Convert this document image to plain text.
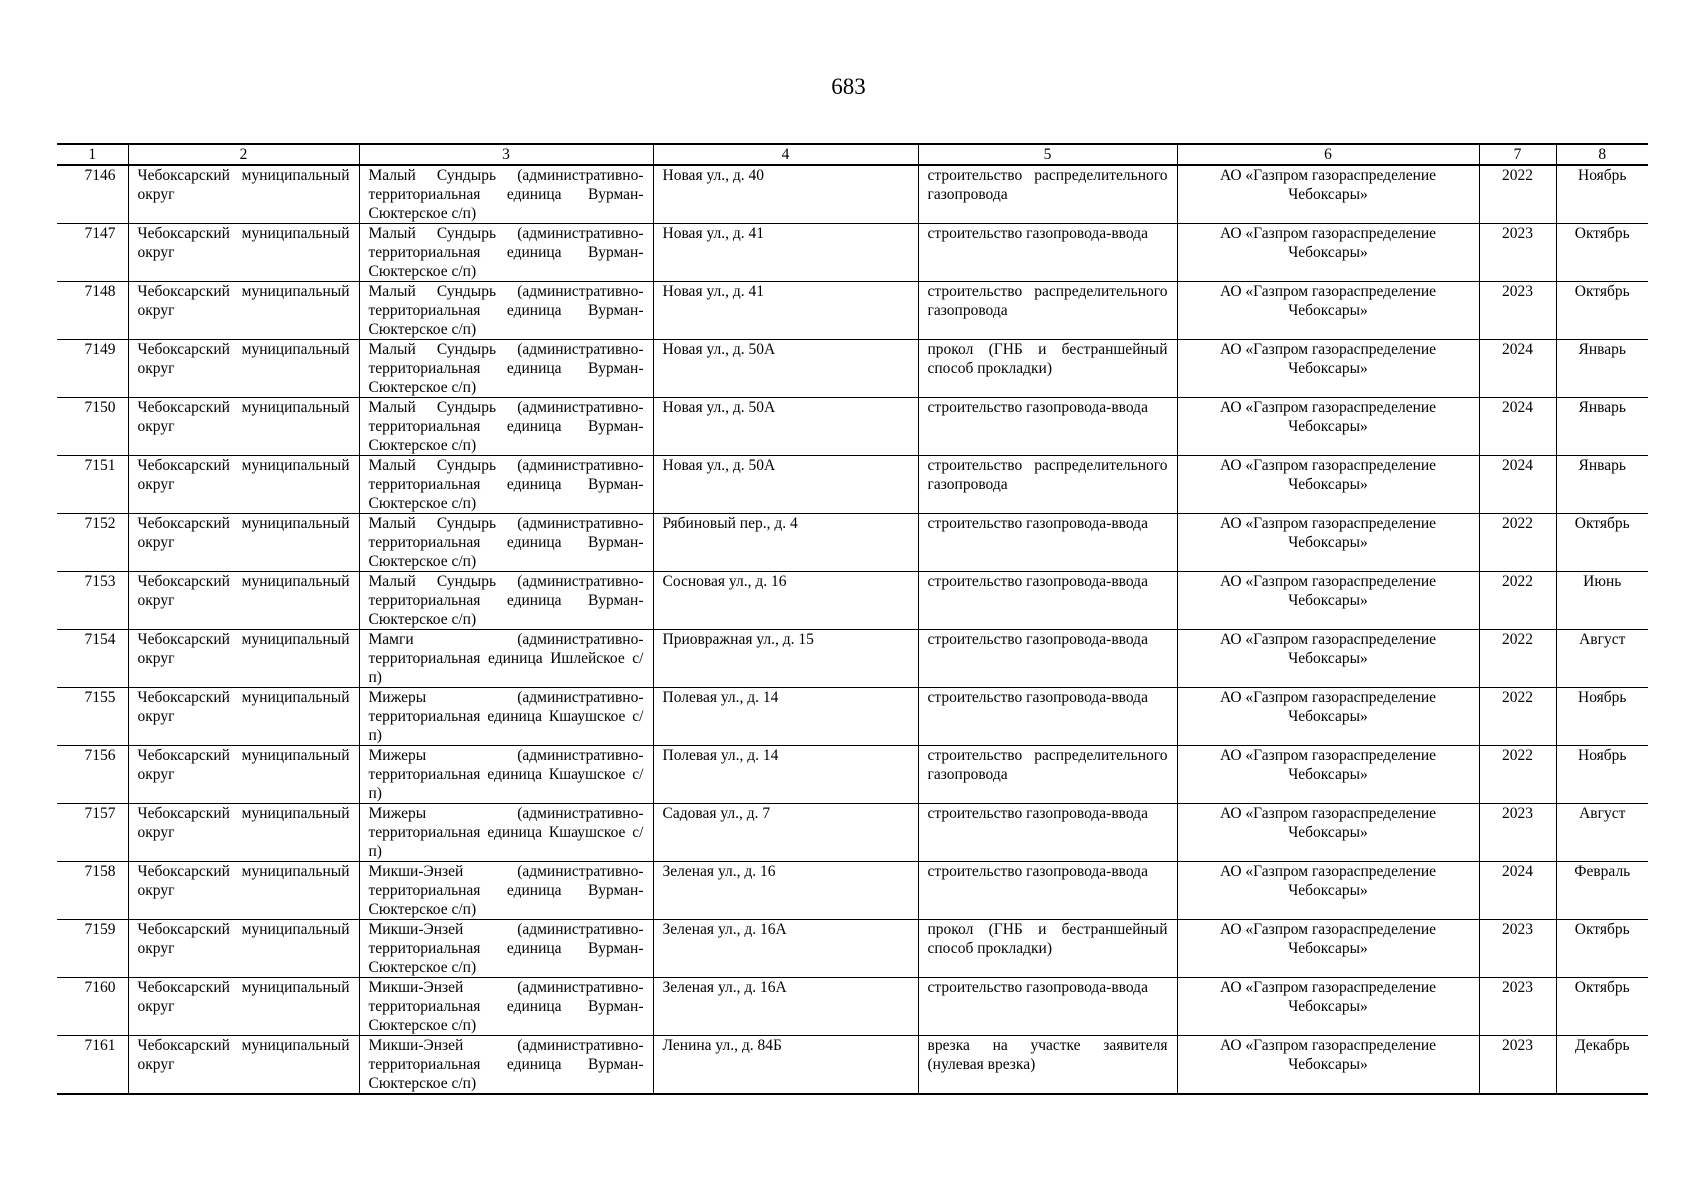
683
1	2	3	4	5	6	7	8
7146	Чебоксарский муниципальный округ	Малый Сундырь (административно-территориальная единица Вурман-Сюктерское с/п)	Новая ул., д. 40	строительство распределительного газопровода	АО «Газпром газораспределение Чебоксары»	2022	Ноябрь
7147	Чебоксарский муниципальный округ	Малый Сундырь (административно-территориальная единица Вурман-Сюктерское с/п)	Новая ул., д. 41	строительство газопровода-ввода	АО «Газпром газораспределение Чебоксары»	2023	Октябрь
7148	Чебоксарский муниципальный округ	Малый Сундырь (административно-территориальная единица Вурман-Сюктерское с/п)	Новая ул., д. 41	строительство распределительного газопровода	АО «Газпром газораспределение Чебоксары»	2023	Октябрь
7149	Чебоксарский муниципальный округ	Малый Сундырь (административно-территориальная единица Вурман-Сюктерское с/п)	Новая ул., д. 50А	прокол (ГНБ и бестраншейный способ прокладки)	АО «Газпром газораспределение Чебоксары»	2024	Январь
7150	Чебоксарский муниципальный округ	Малый Сундырь (административно-территориальная единица Вурман-Сюктерское с/п)	Новая ул., д. 50А	строительство газопровода-ввода	АО «Газпром газораспределение Чебоксары»	2024	Январь
7151	Чебоксарский муниципальный округ	Малый Сундырь (административно-территориальная единица Вурман-Сюктерское с/п)	Новая ул., д. 50А	строительство распределительного газопровода	АО «Газпром газораспределение Чебоксары»	2024	Январь
7152	Чебоксарский муниципальный округ	Малый Сундырь (административно-территориальная единица Вурман-Сюктерское с/п)	Рябиновый пер., д. 4	строительство газопровода-ввода	АО «Газпром газораспределение Чебоксары»	2022	Октябрь
7153	Чебоксарский муниципальный округ	Малый Сундырь (административно-территориальная единица Вурман-Сюктерское с/п)	Сосновая ул., д. 16	строительство газопровода-ввода	АО «Газпром газораспределение Чебоксары»	2022	Июнь
7154	Чебоксарский муниципальный округ	Мамги (административно-территориальная единица Ишлейское с/п)	Приовражная ул., д. 15	строительство газопровода-ввода	АО «Газпром газораспределение Чебоксары»	2022	Август
7155	Чебоксарский муниципальный округ	Мижеры (административно-территориальная единица Кшаушское с/п)	Полевая ул., д. 14	строительство газопровода-ввода	АО «Газпром газораспределение Чебоксары»	2022	Ноябрь
7156	Чебоксарский муниципальный округ	Мижеры (административно-территориальная единица Кшаушское с/п)	Полевая ул., д. 14	строительство распределительного газопровода	АО «Газпром газораспределение Чебоксары»	2022	Ноябрь
7157	Чебоксарский муниципальный округ	Мижеры (административно-территориальная единица Кшаушское с/п)	Садовая ул., д. 7	строительство газопровода-ввода	АО «Газпром газораспределение Чебоксары»	2023	Август
7158	Чебоксарский муниципальный округ	Микши-Энзей (административно-территориальная единица Вурман-Сюктерское с/п)	Зеленая ул., д. 16	строительство газопровода-ввода	АО «Газпром газораспределение Чебоксары»	2024	Февраль
7159	Чебоксарский муниципальный округ	Микши-Энзей (административно-территориальная единица Вурман-Сюктерское с/п)	Зеленая ул., д. 16А	прокол (ГНБ и бестраншейный способ прокладки)	АО «Газпром газораспределение Чебоксары»	2023	Октябрь
7160	Чебоксарский муниципальный округ	Микши-Энзей (административно-территориальная единица Вурман-Сюктерское с/п)	Зеленая ул., д. 16А	строительство газопровода-ввода	АО «Газпром газораспределение Чебоксары»	2023	Октябрь
7161	Чебоксарский муниципальный округ	Микши-Энзей (административно-территориальная единица Вурман-Сюктерское с/п)	Ленина ул., д. 84Б	врезка на участке заявителя (нулевая врезка)	АО «Газпром газораспределение Чебоксары»	2023	Декабрь
